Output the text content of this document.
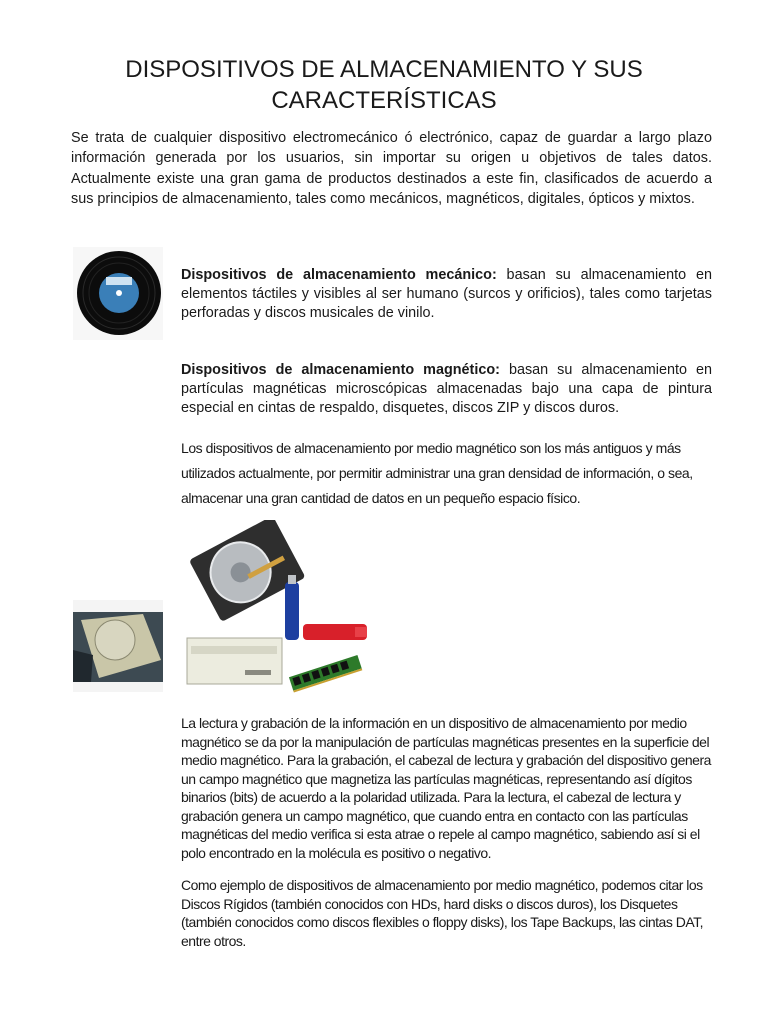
DISPOSITIVOS DE ALMACENAMIENTO Y SUS
CARACTERÍSTICAS

Se trata de cualquier dispositivo electromecánico ó electrónico, capaz de guardar a largo plazo información generada por los usuarios, sin importar su origen u objetivos de tales datos. Actualmente existe una gran gama de productos destinados a este fin, clasificados de acuerdo a sus principios de almacenamiento, tales como mecánicos, magnéticos, digitales, ópticos y mixtos.

Dispositivos de almacenamiento mecánico: basan su almacenamiento en elementos táctiles y visibles al ser humano (surcos y orificios), tales como tarjetas perforadas y discos musicales de vinilo.

Dispositivos de almacenamiento magnético: basan su almacenamiento en partículas magnéticas microscópicas almacenadas bajo una capa de pintura especial en cintas de respaldo, disquetes, discos ZIP y discos duros.

Los dispositivos de almacenamiento por medio magnético son los más antiguos y más utilizados actualmente, por permitir administrar una gran densidad de información, o sea, almacenar una gran cantidad de datos en un pequeño espacio físico.

La lectura y grabación de la información en un dispositivo de almacenamiento por medio magnético se da por la manipulación de partículas magnéticas presentes en la superficie del medio magnético. Para la grabación, el cabezal de lectura y grabación del dispositivo genera un campo magnético que magnetiza las partículas magnéticas, representando así dígitos binarios (bits) de acuerdo a la polaridad utilizada. Para la lectura, el cabezal de lectura y grabación genera un campo magnético, que cuando entra en contacto con las partículas magnéticas del medio verifica si esta atrae o repele al campo magnético, sabiendo así si el polo encontrado en la molécula es positivo o negativo.

Como ejemplo de dispositivos de almacenamiento por medio magnético, podemos citar los Discos Rígidos (también conocidos con HDs, hard disks o discos duros), los Disquetes (también conocidos como discos flexibles o floppy disks), los Tape Backups, las cintas DAT, entre otros.
